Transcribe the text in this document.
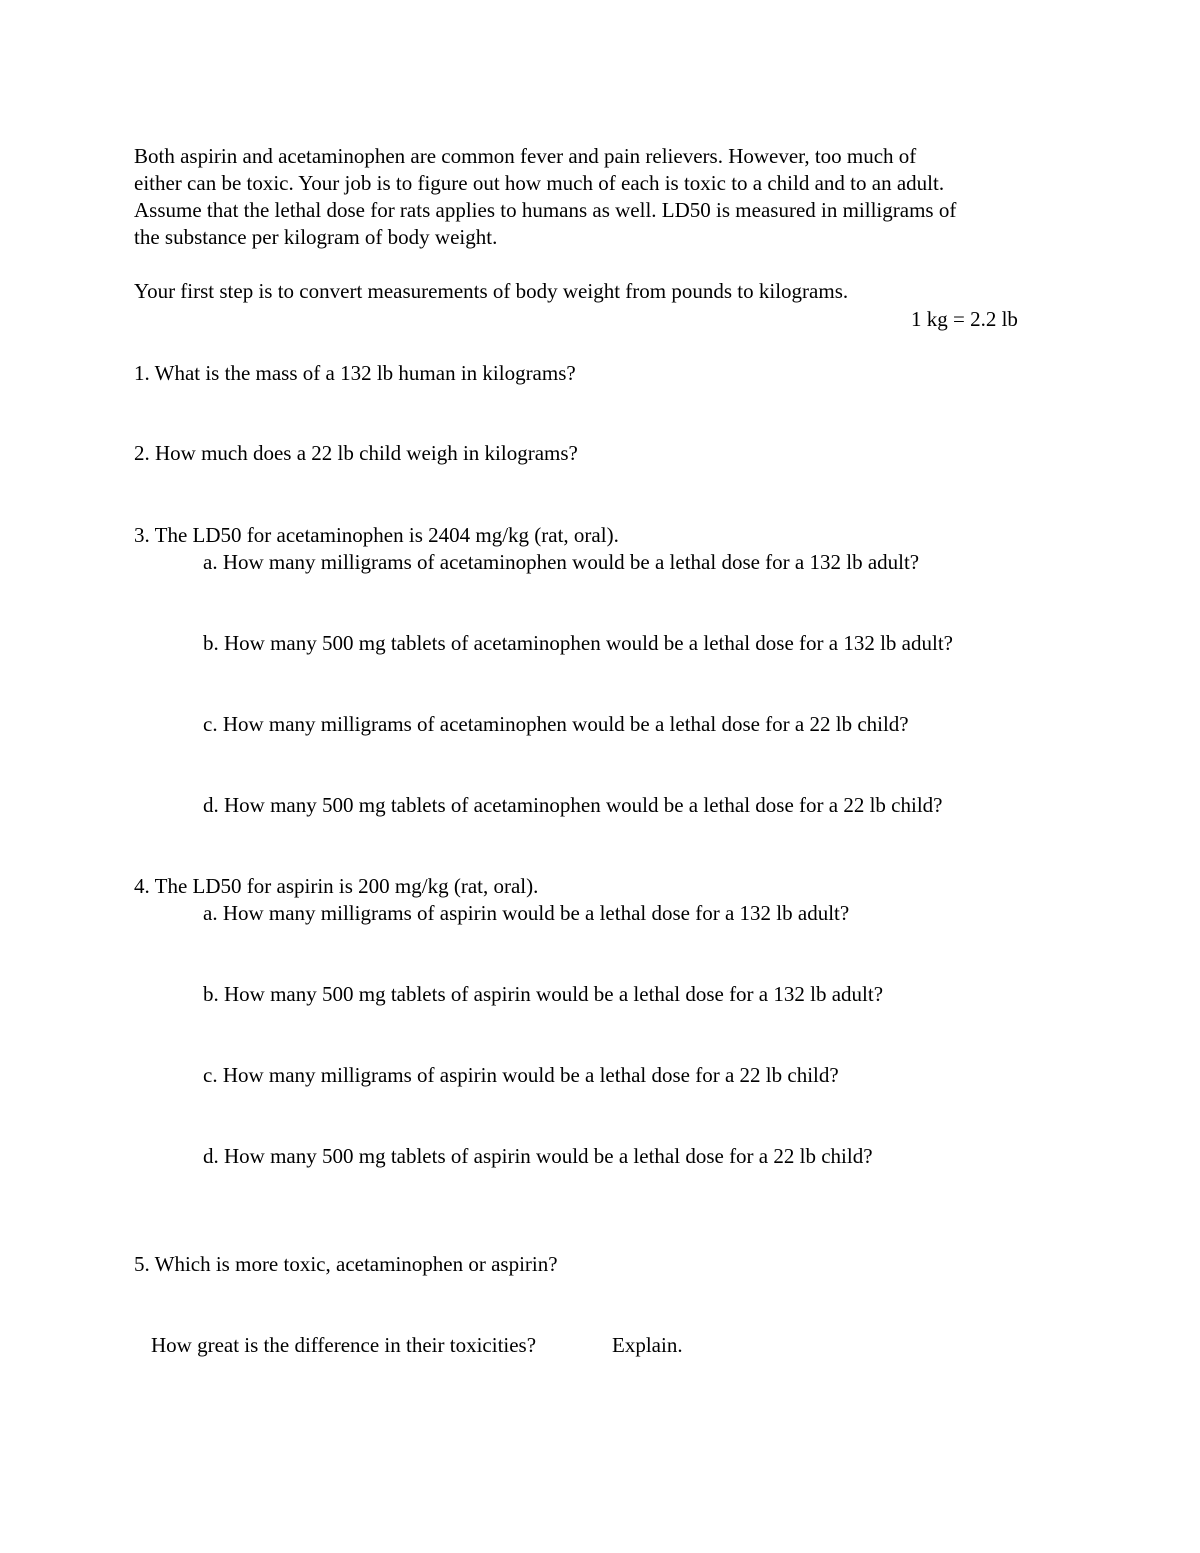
Both aspirin and acetaminophen are common fever and pain relievers. However, too much of
either can be toxic. Your job is to figure out how much of each is toxic to a child and to an adult.
Assume that the lethal dose for rats applies to humans as well. LD50 is measured in milligrams of
the substance per kilogram of body weight.
Your first step is to convert measurements of body weight from pounds to kilograms.
1 kg = 2.2 lb
1. What is the mass of a 132 lb human in kilograms?
2. How much does a 22 lb child weigh in kilograms?
3. The LD50 for acetaminophen is 2404 mg/kg (rat, oral).
a. How many milligrams of acetaminophen would be a lethal dose for a 132 lb adult?
b. How many 500 mg tablets of acetaminophen would be a lethal dose for a 132 lb adult?
c. How many milligrams of acetaminophen would be a lethal dose for a 22 lb child?
d. How many 500 mg tablets of acetaminophen would be a lethal dose for a 22 lb child?
4. The LD50 for aspirin is 200 mg/kg (rat, oral).
a. How many milligrams of aspirin would be a lethal dose for a 132 lb adult?
b. How many 500 mg tablets of aspirin would be a lethal dose for a 132 lb adult?
c. How many milligrams of aspirin would be a lethal dose for a 22 lb child?
d. How many 500 mg tablets of aspirin would be a lethal dose for a 22 lb child?
5. Which is more toxic, acetaminophen or aspirin?
How great is the difference in their toxicities?	Explain.
